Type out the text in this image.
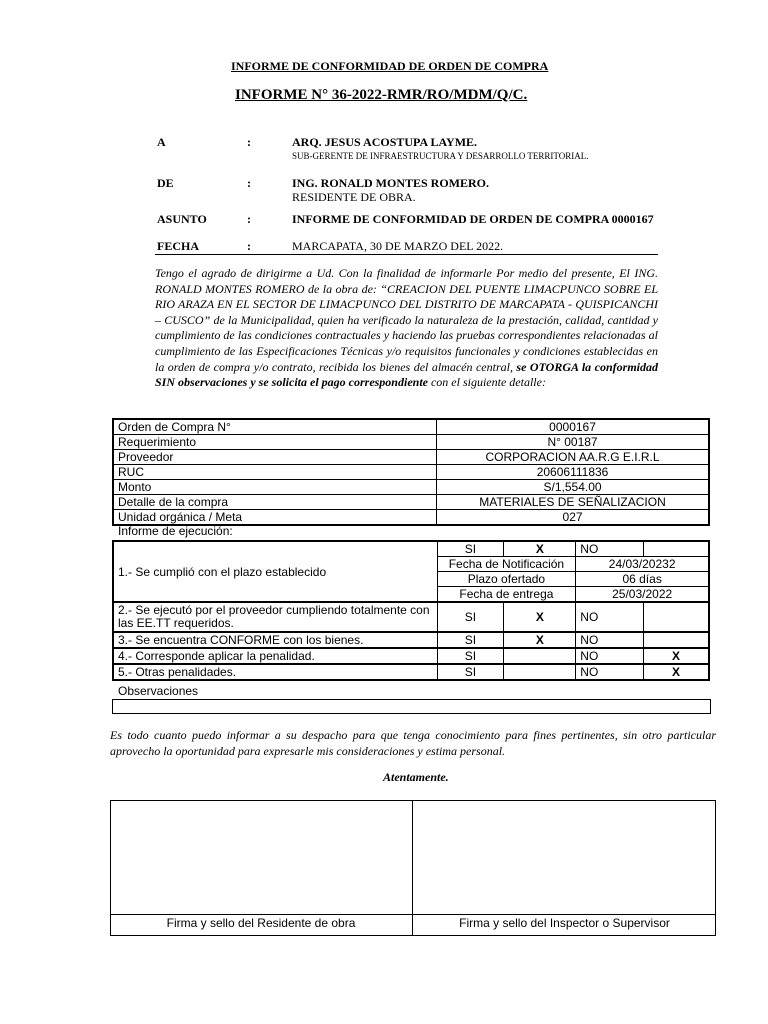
INFORME DE CONFORMIDAD DE ORDEN DE COMPRA
INFORME N° 36-2022-RMR/RO/MDM/Q/C.
A	:	ARQ. JESUS ACOSTUPA LAYME.
SUB-GERENTE DE INFRAESTRUCTURA Y DESARROLLO TERRITORIAL.
DE	:	ING. RONALD MONTES ROMERO.
RESIDENTE DE OBRA.
ASUNTO	:	INFORME DE CONFORMIDAD DE ORDEN DE COMPRA 0000167
FECHA	:	MARCAPATA, 30 DE MARZO DEL 2022.
Tengo el agrado de dirigirme a Ud. Con la finalidad de informarle Por medio del presente, El ING. RONALD MONTES ROMERO de la obra de: “CREACION DEL PUENTE LIMACPUNCO SOBRE EL RIO ARAZA EN EL SECTOR DE LIMACPUNCO DEL DISTRITO DE MARCAPATA - QUISPICANCHI – CUSCO” de la Municipalidad, quien ha verificado la naturaleza de la prestación, calidad, cantidad y cumplimiento de las condiciones contractuales y haciendo las pruebas correspondientes relacionadas al cumplimiento de las Especificaciones Técnicas y/o requisitos funcionales y condiciones establecidas en la orden de compra y/o contrato, recibida los bienes del almacén central, se OTORGA la conformidad SIN observaciones y se solicita el pago correspondiente con el siguiente detalle:
Orden de Compra N°	0000167
Requerimiento	N° 00187
Proveedor	CORPORACION AA.R.G E.I.R.L
RUC	20606111836
Monto	S/1,554.00
Detalle de la compra	MATERIALES DE SEÑALIZACION
Unidad orgánica / Meta	027
Informe de ejecución:
1.- Se cumplió con el plazo establecido	SI	X	NO	
	Fecha de Notificación		24/03/20232	
	Plazo ofertado		06 días	
	Fecha de entrega		25/03/2022	
2.- Se ejecutó por el proveedor cumpliendo totalmente con las EE.TT requeridos.	SI	X	NO	
3.- Se encuentra CONFORME con los bienes.	SI	X	NO	
4.- Corresponde aplicar la penalidad.	SI		NO	X
5.- Otras penalidades.	SI		NO	X
Observaciones
Es todo cuanto puedo informar a su despacho para que tenga conocimiento para fines pertinentes, sin otro particular aprovecho la oportunidad para expresarle mis consideraciones y estima personal.
Atentamente.
Firma y sello del Residente de obra	Firma y sello del Inspector o Supervisor
